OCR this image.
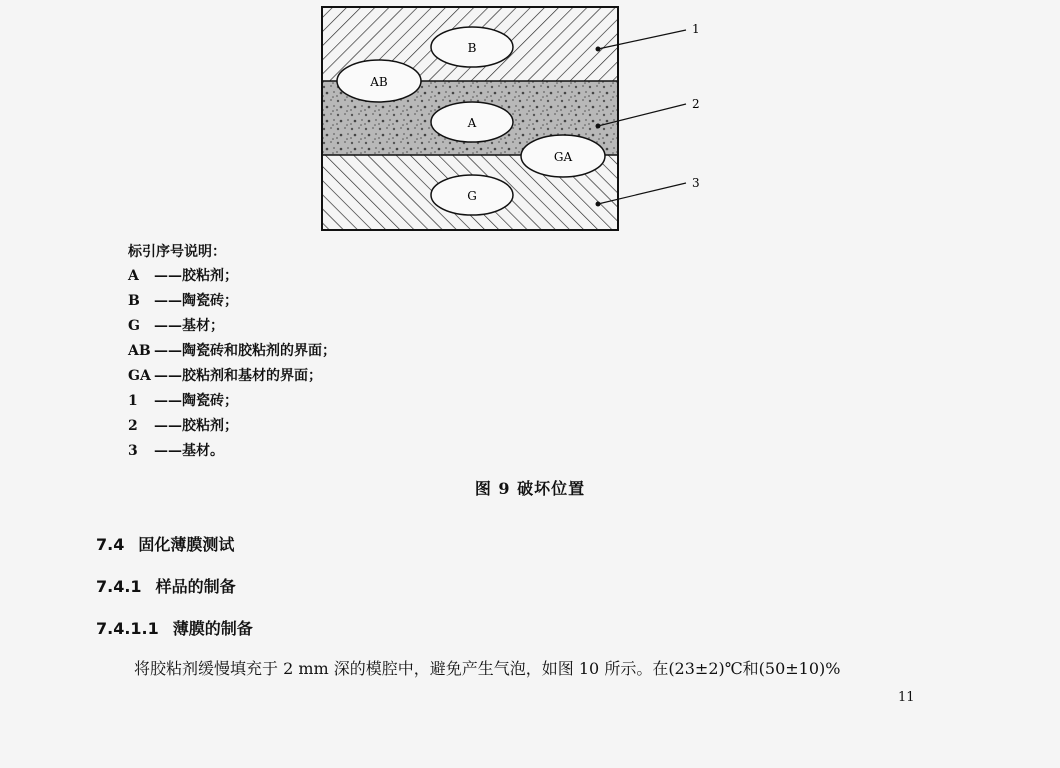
B
AB
A
GA
G
1
2
3
标引序号说明：
A	——胶粘剂；
B	——陶瓷砖；
G	——基材；
AB ——陶瓷砖和胶粘剂的界面；
GA ——胶粘剂和基材的界面；
1	——陶瓷砖；
2	——胶粘剂；
3	——基材。
图 9 破坏位置
7.4 固化薄膜测试
7.4.1 样品的制备
7.4.1.1 薄膜的制备
将胶粘剂缓慢填充于 2 mm 深的模腔中，避免产生气泡，如图 10 所示。在(23±2)℃和(50±10)%
11
